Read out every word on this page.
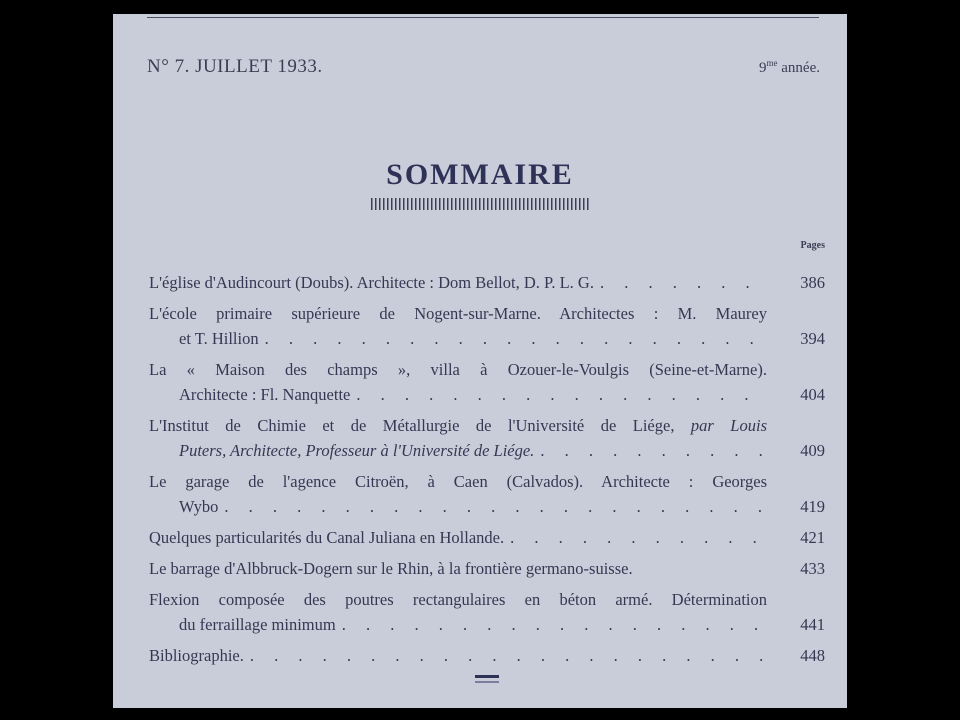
N° 7. JUILLET 1933.	$9^{me}$ année.
SOMMAIRE
Pages
L'église d'Audincourt (Doubs). Architecte : Dom Bellot, D. P. L. G. . . .	386
L'école primaire supérieure de Nogent-sur-Marne. Architectes : M. Maurey
et T. Hillion . . .	394
La « Maison des champs », villa à Ozouer-le-Voulgis (Seine-et-Marne).
Architecte : Fl. Nanquette . . .	404
L'Institut de Chimie et de Métallurgie de l'Université de Liége, par Louis
Puters, Architecte, Professeur à l'Université de Liége. . . .	409
Le garage de l'agence Citroën, à Caen (Calvados). Architecte : Georges
Wybo . . .	419
Quelques particularités du Canal Juliana en Hollande. . . .	421
Le barrage d'Albbruck-Dogern sur le Rhin, à la frontière germano-suisse.	433
Flexion composée des poutres rectangulaires en béton armé. Détermination
du ferraillage minimum . . .	441
Bibliographie. . . .	448
